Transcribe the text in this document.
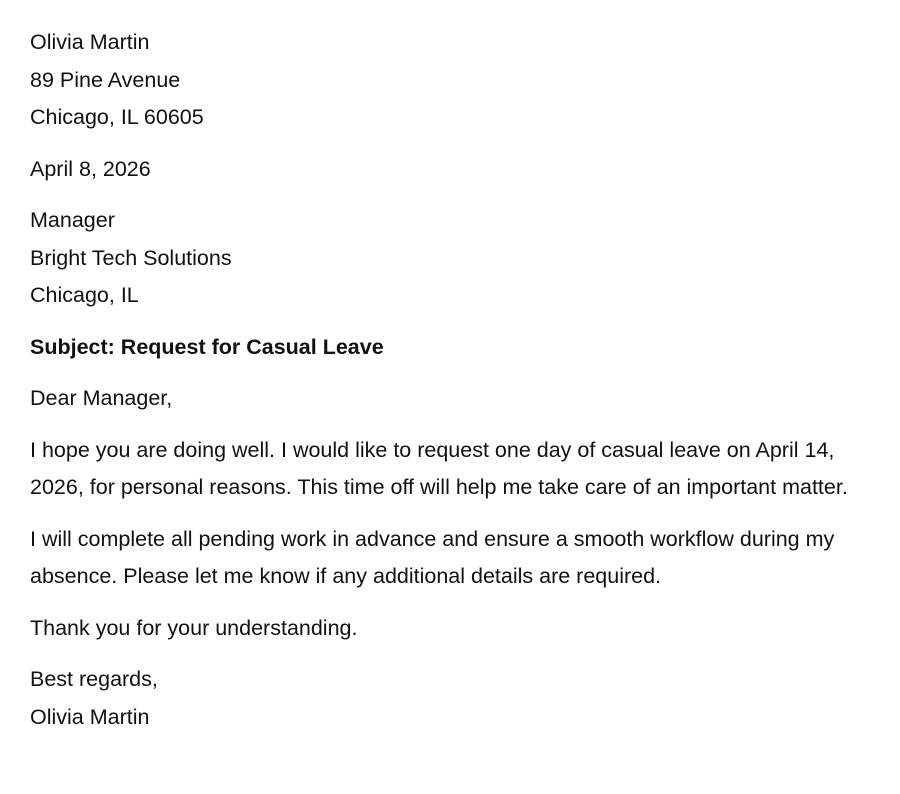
Olivia Martin
89 Pine Avenue
Chicago, IL 60605

April 8, 2026

Manager
Bright Tech Solutions
Chicago, IL

Subject: Request for Casual Leave

Dear Manager,

I hope you are doing well. I would like to request one day of casual leave on April 14, 2026, for personal reasons. This time off will help me take care of an important matter.

I will complete all pending work in advance and ensure a smooth workflow during my absence. Please let me know if any additional details are required.

Thank you for your understanding.

Best regards,
Olivia Martin
